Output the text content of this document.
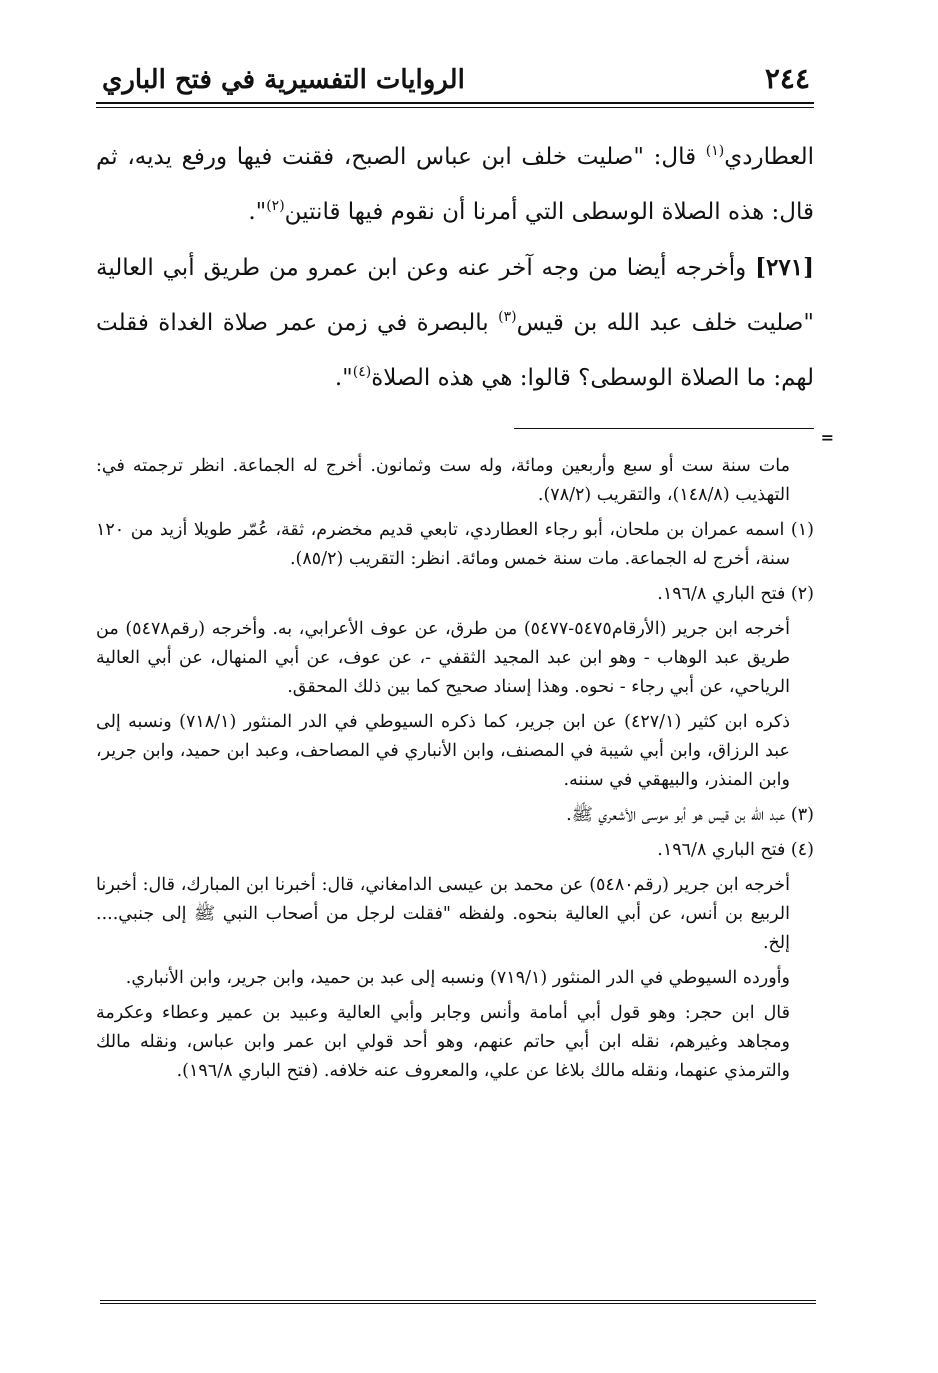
٢٤٤
الروايات التفسيرية في فتح الباري

العطاردي$^{(١)}$ قال: "صليت خلف ابن عباس الصبح، فقنت فيها ورفع يديه، ثم قال: هذه الصلاة الوسطى التي أمرنا أن نقوم فيها قانتين$^{(٢)}$".

[٢٧١] وأخرجه أيضا من وجه آخر عنه وعن ابن عمرو من طريق أبي العالية "صليت خلف عبد الله بن قيس$^{(٣)}$ بالبصرة في زمن عمر صلاة الغداة فقلت لهم: ما الصلاة الوسطى؟ قالوا: هي هذه الصلاة$^{(٤)}$".

=

مات سنة ست أو سبع وأربعين ومائة، وله ست وثمانون. أخرج له الجماعة. انظر ترجمته في: التهذيب (١٤٨/٨)، والتقريب (٧٨/٢).

(١) اسمه عمران بن ملحان، أبو رجاء العطاردي، تابعي قديم مخضرم، ثقة، عُمّر طويلا أزيد من ١٢٠ سنة، أخرج له الجماعة. مات سنة خمس ومائة. انظر: التقريب (٨٥/٢).

(٢) فتح الباري ١٩٦/٨.

أخرجه ابن جرير (الأرقام٥٤٧٥-٥٤٧٧) من طرق، عن عوف الأعرابي، به. وأخرجه (رقم٥٤٧٨) من طريق عبد الوهاب - وهو ابن عبد المجيد الثقفي -، عن عوف، عن أبي المنهال، عن أبي العالية الرياحي، عن أبي رجاء - نحوه. وهذا إسناد صحيح كما بين ذلك المحقق.

ذكره ابن كثير (٤٢٧/١) عن ابن جرير، كما ذكره السيوطي في الدر المنثور (٧١٨/١) ونسبه إلى عبد الرزاق، وابن أبي شيبة في المصنف، وابن الأنباري في المصاحف، وعبد ابن حميد، وابن جرير، وابن المنذر، والبيهقي في سننه.

(٣) عبد الله بن قيس هو أبو موسى الأشعري ﷺ.

(٤) فتح الباري ١٩٦/٨.

أخرجه ابن جرير (رقم٥٤٨٠) عن محمد بن عيسى الدامغاني، قال: أخبرنا ابن المبارك، قال: أخبرنا الربيع بن أنس، عن أبي العالية بنحوه. ولفظه "فقلت لرجل من أصحاب النبي ﷺ إلى جنبي.... إلخ.

وأورده السيوطي في الدر المنثور (٧١٩/١) ونسبه إلى عبد بن حميد، وابن جرير، وابن الأنباري.

قال ابن حجر: وهو قول أبي أمامة وأنس وجابر وأبي العالية وعبيد بن عمير وعطاء وعكرمة ومجاهد وغيرهم، نقله ابن أبي حاتم عنهم، وهو أحد قولي ابن عمر وابن عباس، ونقله مالك والترمذي عنهما، ونقله مالك بلاغا عن علي، والمعروف عنه خلافه. (فتح الباري ١٩٦/٨).
